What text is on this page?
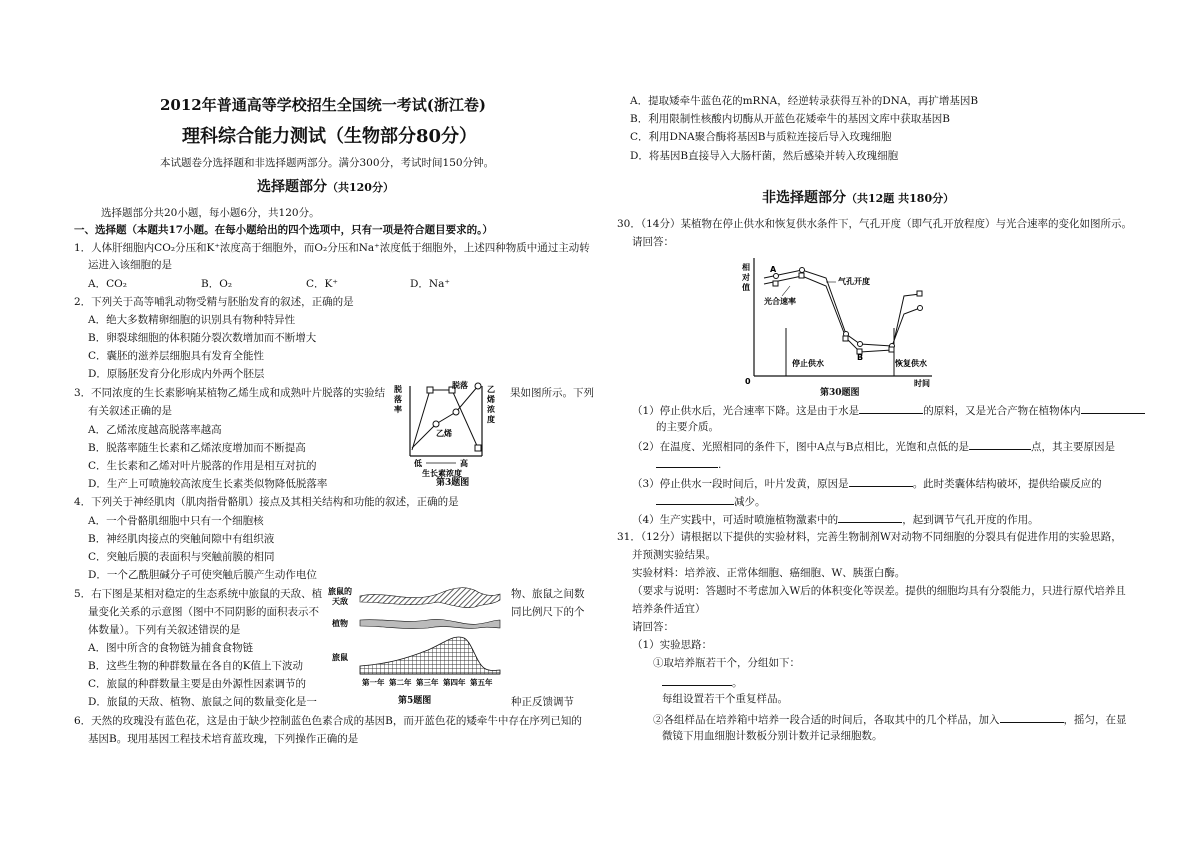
2012年普通高等学校招生全国统一考试(浙江卷)
理科综合能力测试（生物部分80分）
本试题卷分选择题和非选择题两部分。满分300分，考试时间150分钟。
选择题部分（共120分）
选择题部分共20小题，每小题6分，共120分。
一、选择题（本题共17小题。在每小题给出的四个选项中，只有一项是符合题目要求的。）
1．人体肝细胞内CO₂分压和K⁺浓度高于细胞外，而O₂分压和Na⁺浓度低于细胞外，上述四种物质中通过主动转
运进入该细胞的是
A．CO₂	B．O₂	C．K⁺	D．Na⁺
2．下列关于高等哺乳动物受精与胚胎发育的叙述，正确的是
A．绝大多数精卵细胞的识别具有物种特异性
B．卵裂球细胞的体积随分裂次数增加而不断增大
C．囊胚的滋养层细胞具有发育全能性
D．原肠胚发育分化形成内外两个胚层
3．不同浓度的生长素影响某植物乙烯生成和成熟叶片脱落的实验结	果如图所示。下列
有关叙述正确的是
A．乙烯浓度越高脱落率越高
B．脱落率随生长素和乙烯浓度增加而不断提高
C．生长素和乙烯对叶片脱落的作用是相互对抗的
D．生产上可喷施较高浓度生长素类似物降低脱落率
脱
落
率
乙
烯
浓
度
脱落
乙烯
低	高
生长素浓度
第3题图
4．下列关于神经肌肉（肌肉指骨骼肌）接点及其相关结构和功能的叙述，正确的是
A．一个骨骼肌细胞中只有一个细胞核
B．神经肌肉接点的突触间隙中有组织液
C．突触后膜的表面积与突触前膜的相同
D．一个乙酰胆碱分子可使突触后膜产生动作电位
5．右下图是某相对稳定的生态系统中旅鼠的天敌、植	物、旅鼠之间数
量变化关系的示意图（图中不同阴影的面积表示不	同比例尺下的个
体数量）。下列有关叙述错误的是
A．图中所含的食物链为捕食食物链
B．这些生物的种群数量在各自的K值上下波动
C．旅鼠的种群数量主要是由外源性因素调节的
D．旅鼠的天敌、植物、旅鼠之间的数量变化是一	种正反馈调节
旅鼠的
天敌
植物
旅鼠
第一年 第二年 第三年 第四年 第五年
第5题图
6．天然的玫瑰没有蓝色花，这是由于缺少控制蓝色色素合成的基因B，而开蓝色花的矮牵牛中存在序列已知的
基因B。现用基因工程技术培育蓝玫瑰，下列操作正确的是
A．提取矮牵牛蓝色花的mRNA，经逆转录获得互补的DNA，再扩增基因B
B．利用限制性核酸内切酶从开蓝色花矮牵牛的基因文库中获取基因B
C．利用DNA聚合酶将基因B与质粒连接后导入玫瑰细胞
D．将基因B直接导入大肠杆菌，然后感染并转入玫瑰细胞
非选择题部分（共12题 共180分）
30．（14分）某植物在停止供水和恢复供水条件下，气孔开度（即气孔开放程度）与光合速率的变化如图所示。
请回答：
相
对
值
停止供水	恢复供水
A
B
气孔开度
光合速率
0	时间
第30题图
（1）停止供水后，光合速率下降。这是由于水是	的原料，又是光合产物在植物体内
的主要介质。
（2）在温度、光照相同的条件下，图中A点与B点相比，光饱和点低的是	点，其主要原因是
.
（3）停止供水一段时间后，叶片发黄，原因是	。此时类囊体结构破坏，提供给碳反应的
减少。
（4）生产实践中，可适时喷施植物激素中的	，起到调节气孔开度的作用。
31．（12分）请根据以下提供的实验材料，完善生物制剂W对动物不同细胞的分裂具有促进作用的实验思路，
并预测实验结果。
实验材料：培养液、正常体细胞、癌细胞、W、胰蛋白酶。
（要求与说明：答题时不考虑加入W后的体积变化等误差。提供的细胞均具有分裂能力，只进行原代培养且
培养条件适宜）
请回答：
（1）实验思路：
①取培养瓶若干个，分组如下：
。
每组设置若干个重复样品。
②各组样品在培养箱中培养一段合适的时间后，各取其中的几个样品，加入	，摇匀，在显
微镜下用血细胞计数板分别计数并记录细胞数。
